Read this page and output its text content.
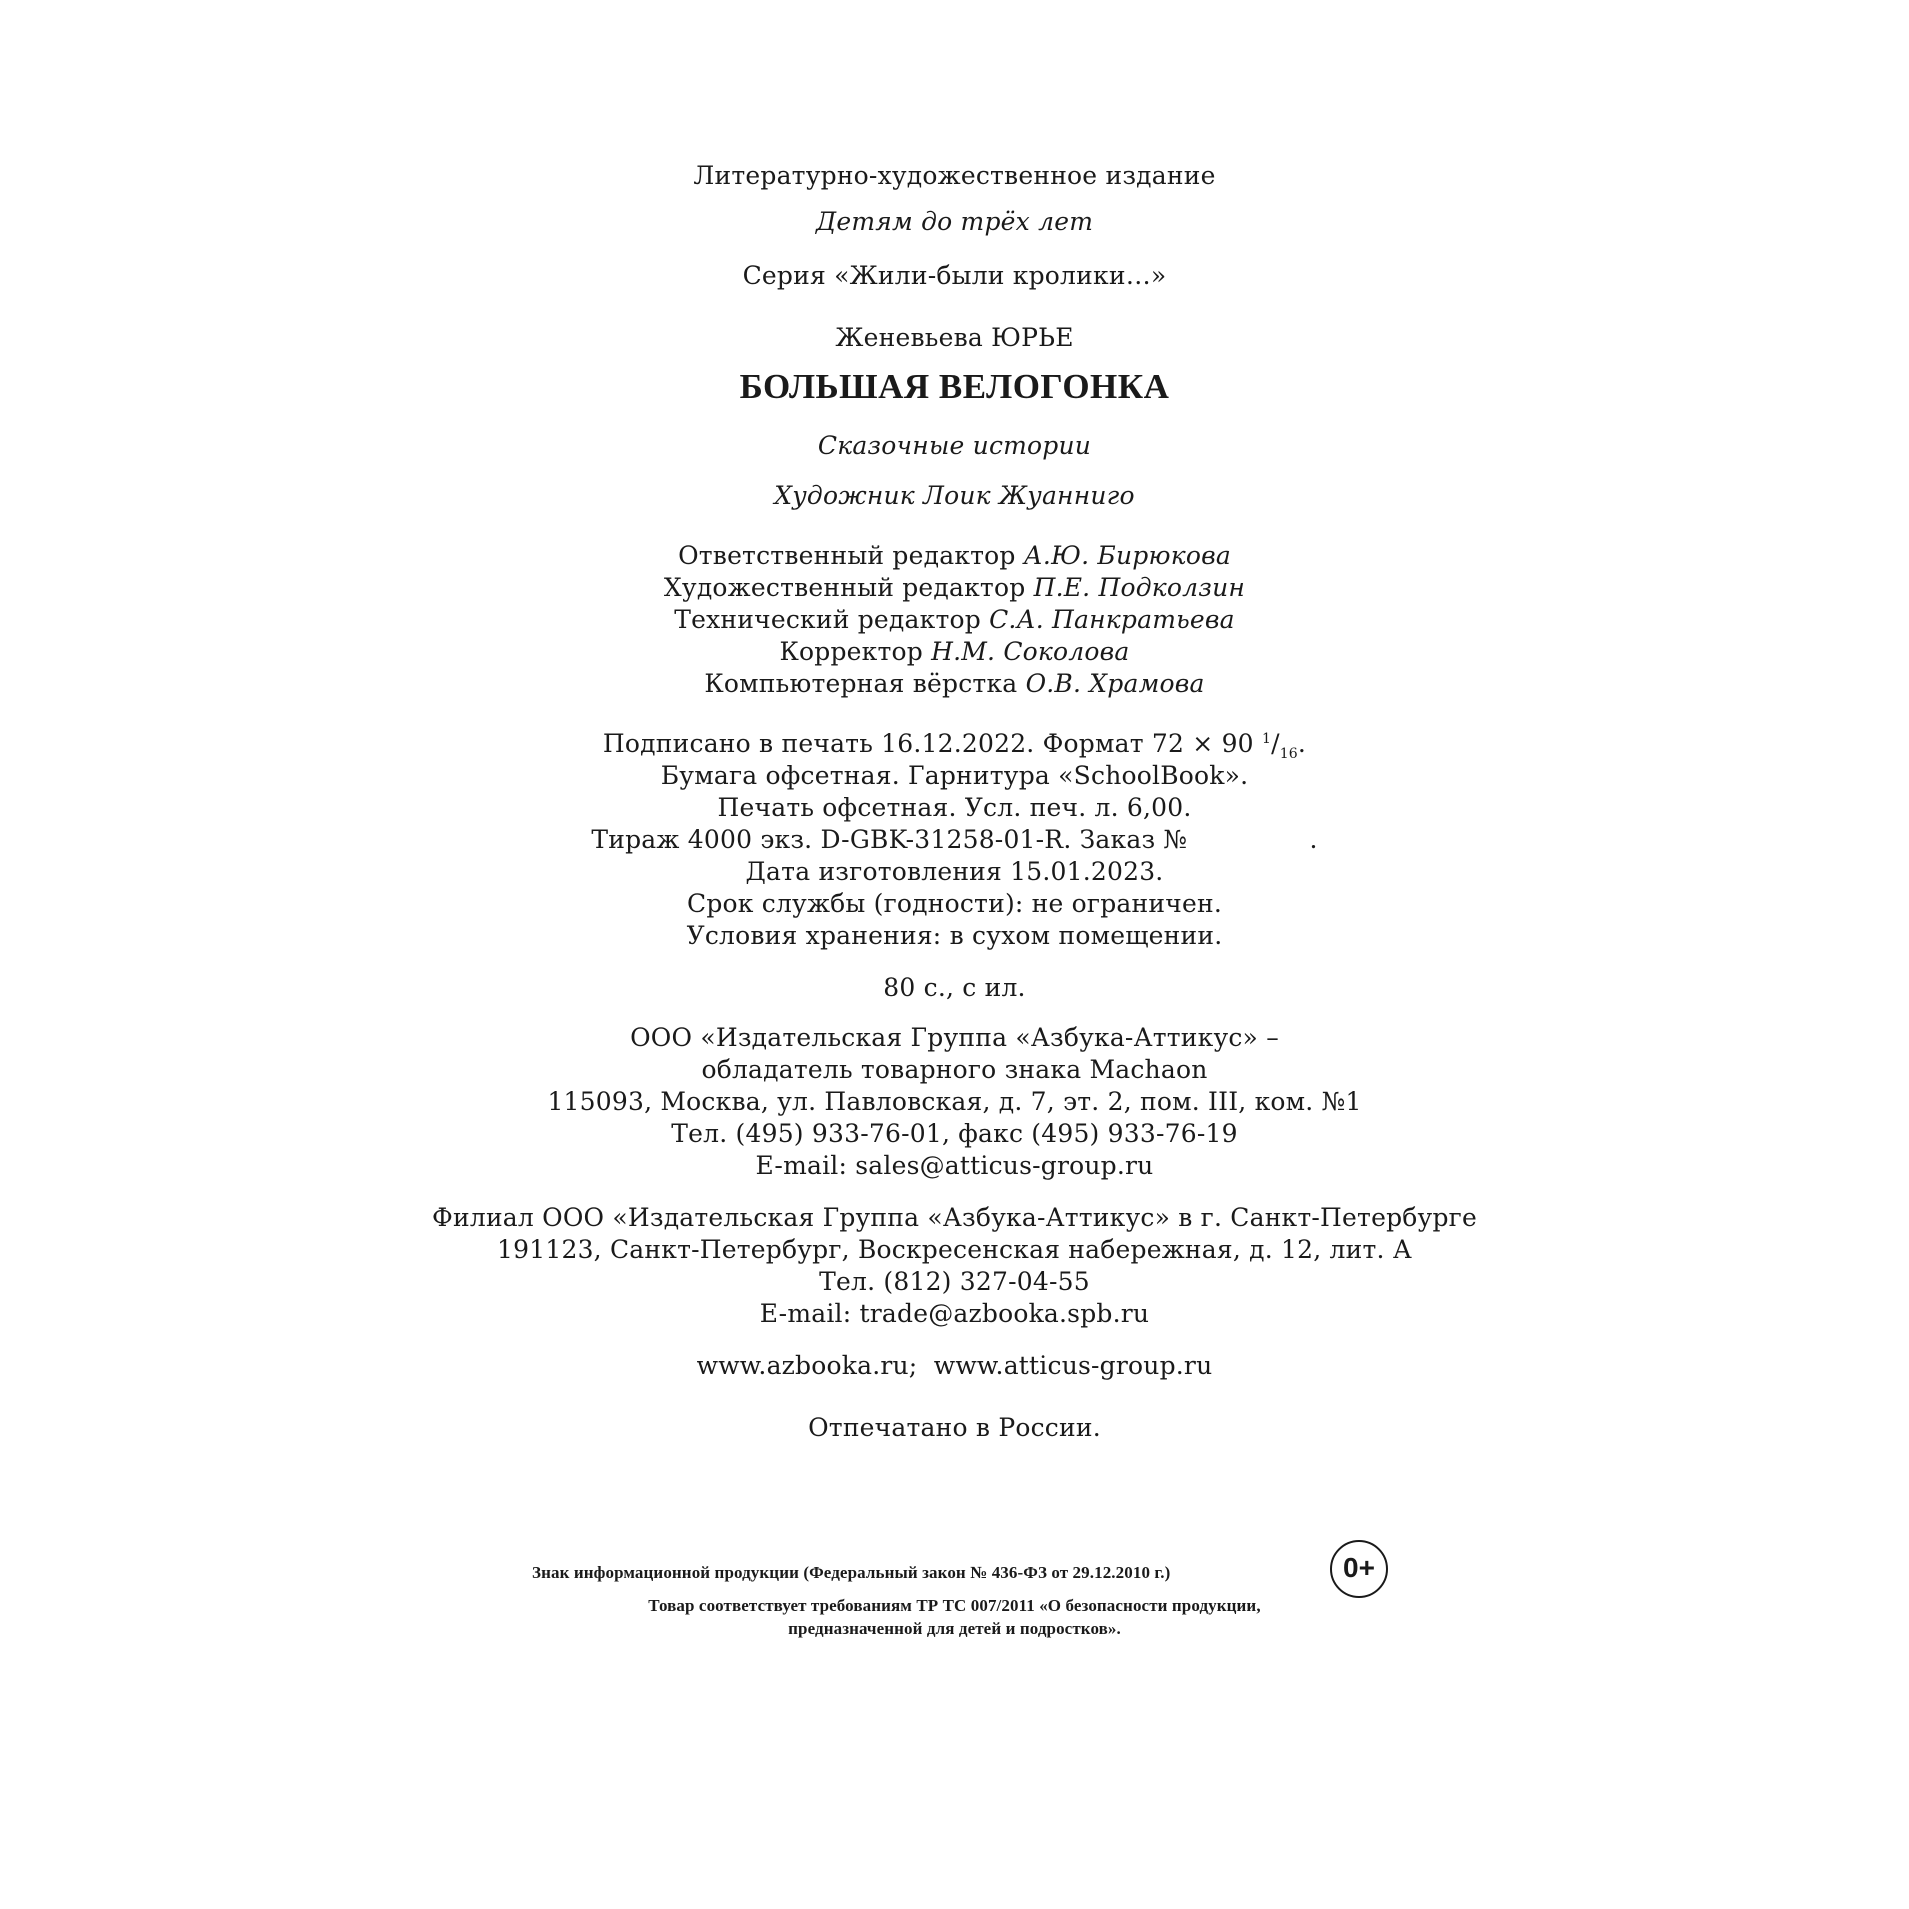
Литературно-художественное издание
Детям до трёх лет
Серия «Жили-были кролики…»
Женевьева ЮРЬЕ
БОЛЬШАЯ ВЕЛОГОНКА
Сказочные истории
Художник Лоик Жуанниго
Ответственный редактор А.Ю. Бирюкова
Художественный редактор П.Е. Подколзин
Технический редактор С.А. Панкратьева
Корректор Н.М. Соколова
Компьютерная вёрстка О.В. Храмова
Подписано в печать 16.12.2022. Формат 72 × 90 $^1/_{16}$.
Бумага офсетная. Гарнитура «SchoolBook».
Печать офсетная. Усл. печ. л. 6,00.
Тираж 4000 экз. D-GBK-31258-01-R. Заказ №               .
Дата изготовления 15.01.2023.
Срок службы (годности): не ограничен.
Условия хранения: в сухом помещении.
80 с., с ил.
ООО «Издательская Группа «Азбука-Аттикус» –
обладатель товарного знака Machaon
115093, Москва, ул. Павловская, д. 7, эт. 2, пом. III, ком. №1
Тел. (495) 933-76-01, факс (495) 933-76-19
E-mail: sales@atticus-group.ru
Филиал ООО «Издательская Группа «Азбука-Аттикус» в г. Санкт-Петербурге
191123, Санкт-Петербург, Воскресенская набережная, д. 12, лит. А
Тел. (812) 327-04-55
E-mail: trade@azbooka.spb.ru
www.azbooka.ru;  www.atticus-group.ru
Отпечатано в России.
Знак информационной продукции (Федеральный закон № 436-ФЗ от 29.12.2010 г.)	0+
Товар соответствует требованиям ТР ТС 007/2011 «О безопасности продукции,
предназначенной для детей и подростков».
